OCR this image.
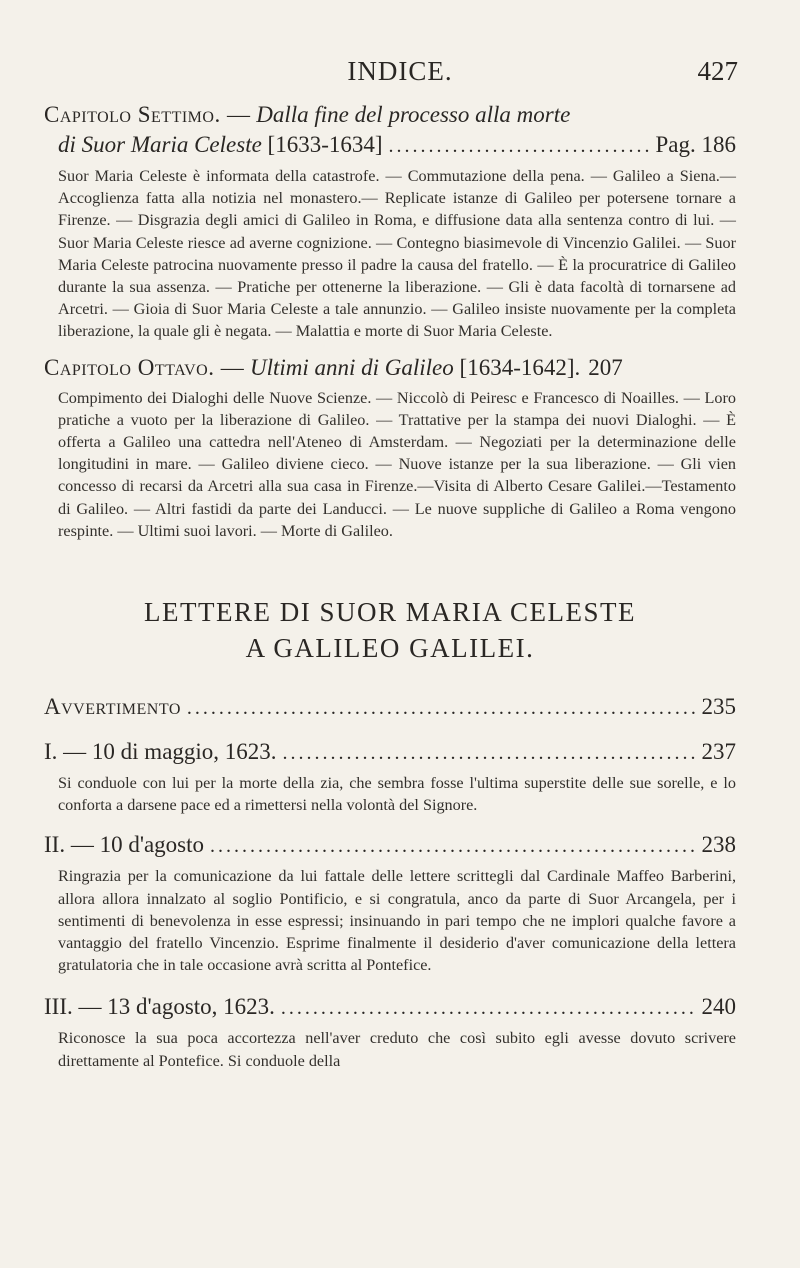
INDICE.	427
Capitolo Settimo. — Dalla fine del processo alla morte
di Suor Maria Celeste [1633-1634] .....	Pag. 186
Suor Maria Celeste è informata della catastrofe. — Commutazione della pena. — Galileo a Siena.— Accoglienza fatta alla notizia nel monastero.— Replicate istanze di Galileo per potersene tornare a Firenze. — Disgrazia degli amici di Galileo in Roma, e diffusione data alla sentenza contro di lui. — Suor Maria Celeste riesce ad averne cognizione. — Contegno biasimevole di Vincenzio Galilei. — Suor Maria Celeste patrocina nuovamente presso il padre la causa del fratello. — È la procuratrice di Galileo durante la sua assenza. — Pratiche per ottenerne la liberazione. — Gli è data facoltà di tornarsene ad Arcetri. — Gioia di Suor Maria Celeste a tale annunzio. — Galileo insiste nuovamente per la completa liberazione, la quale gli è negata. — Malattia e morte di Suor Maria Celeste.
Capitolo Ottavo. — Ultimi anni di Galileo [1634-1642]. 207
Compimento dei Dialoghi delle Nuove Scienze. — Niccolò di Peiresc e Francesco di Noailles. — Loro pratiche a vuoto per la liberazione di Galileo. — Trattative per la stampa dei nuovi Dialoghi. — È offerta a Galileo una cattedra nell'Ateneo di Amsterdam. — Negoziati per la determinazione delle longitudini in mare. — Galileo diviene cieco. — Nuove istanze per la sua liberazione. — Gli vien concesso di recarsi da Arcetri alla sua casa in Firenze.—Visita di Alberto Cesare Galilei.—Testamento di Galileo. — Altri fastidi da parte dei Landucci. — Le nuove suppliche di Galileo a Roma vengono respinte. — Ultimi suoi lavori. — Morte di Galileo.
LETTERE DI SUOR MARIA CELESTE
A GALILEO GALILEI.
Avvertimento .....	235
I. — 10 di maggio, 1623. .....	237
Si conduole con lui per la morte della zia, che sembra fosse l'ultima superstite delle sue sorelle, e lo conforta a darsene pace ed a rimettersi nella volontà del Signore.
II. — 10 d'agosto .....	238
Ringrazia per la comunicazione da lui fattale delle lettere scrittegli dal Cardinale Maffeo Barberini, allora allora innalzato al soglio Pontificio, e si congratula, anco da parte di Suor Arcangela, per i sentimenti di benevolenza in esse espressi; insinuando in pari tempo che ne implori qualche favore a vantaggio del fratello Vincenzio. Esprime finalmente il desiderio d'aver comunicazione della lettera gratulatoria che in tale occasione avrà scritta al Pontefice.
III. — 13 d'agosto, 1623. .....	240
Riconosce la sua poca accortezza nell'aver creduto che così subito egli avesse dovuto scrivere direttamente al Pontefice. Si conduole della
